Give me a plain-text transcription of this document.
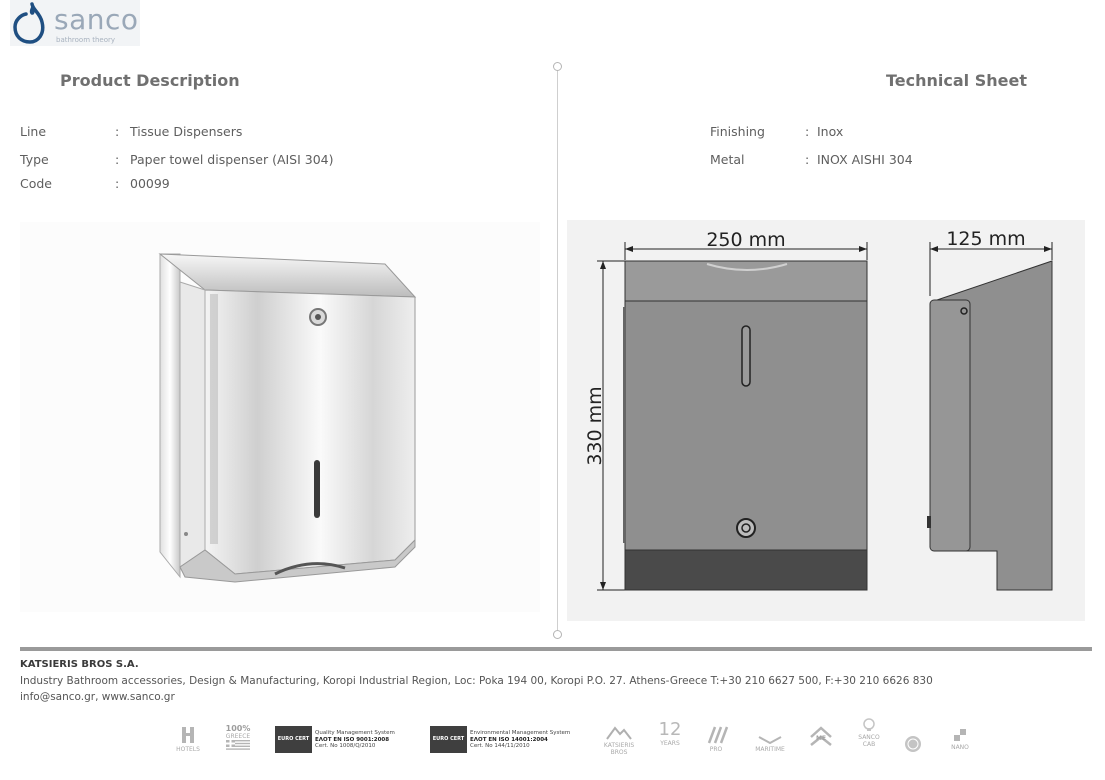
sanco
bathroom theory
Product Description	Technical Sheet
Line	: Tissue Dispensers
Type	: Paper towel dispenser (AISI 304)
Code	: 00099
Finishing	: Inox
Metal	: INOX AISHI 304
250 mm	125 mm
330 mm
KATSIERIS BROS S.A.
Industry Bathroom accessories, Design & Manufacturing, Koropi Industrial Region, Loc: Poka 194 00, Koropi P.O. 27. Athens-Greece T:+30 210 6627 500, F:+30 210 6626 830
info@sanco.gr, www.sanco.gr
HOTELS
100%
GREECE	EURO CERT
Quality Management System
ΕΛΟΤ ΕΝ ISO 9001:2008
Cert. No 1008/Q/2010
EURO CERT
Environmental Management System
ΕΛΟΤ ΕΝ ISO 14001:2004
Cert. No 144/11/2010	KATSIERIS BROS
12
YEARS
PRO	MARITIME
ME	SANCO CAB	NANO
